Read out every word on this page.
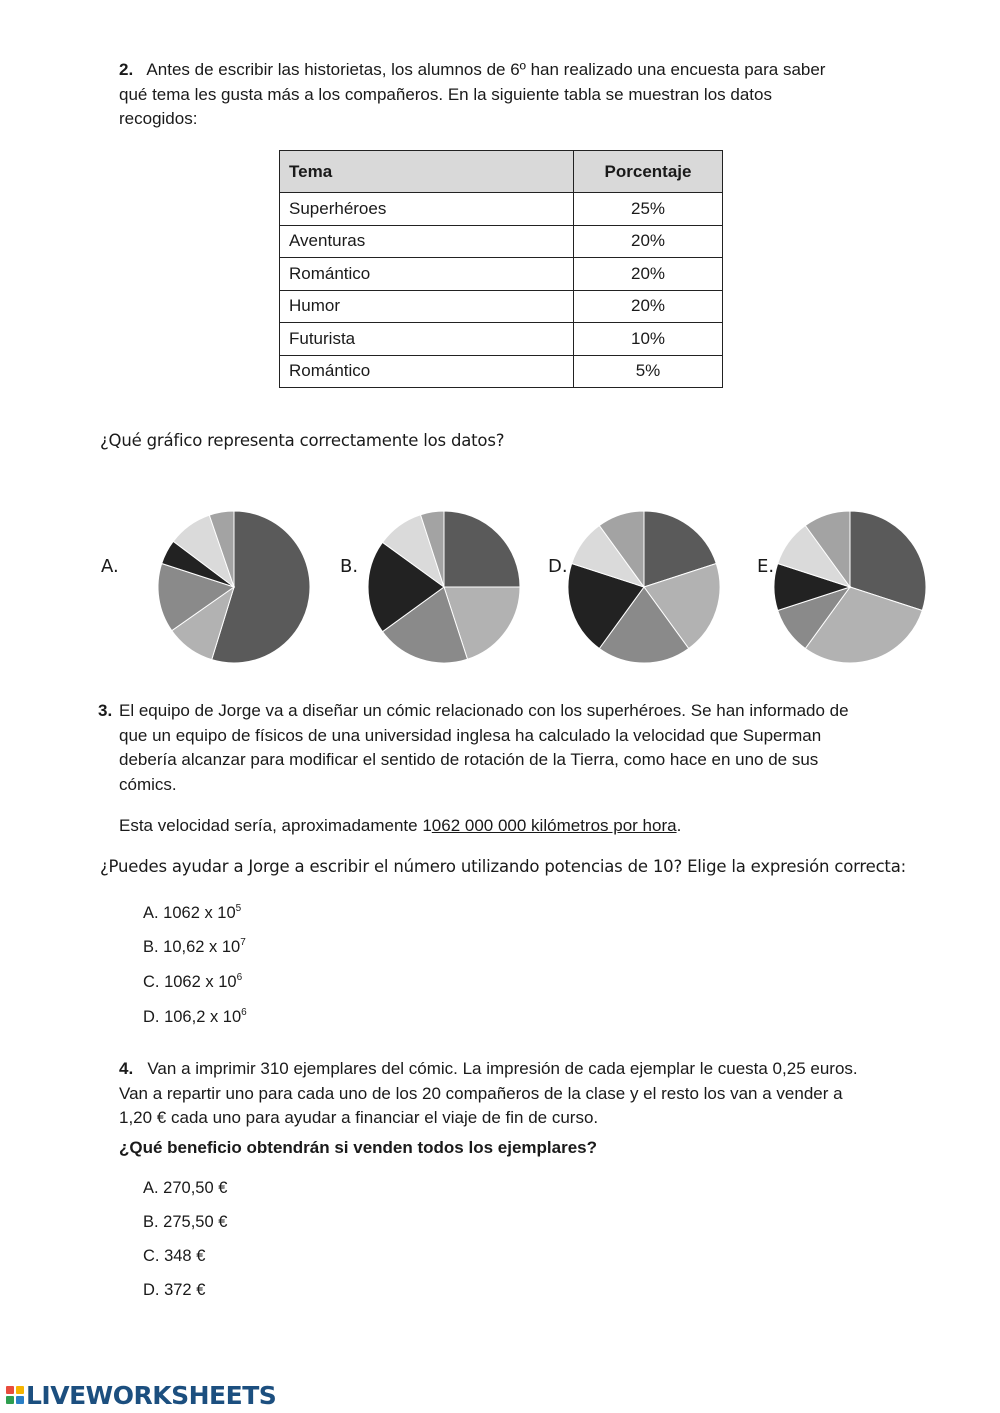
2. Antes de escribir las historietas, los alumnos de 6º han realizado una encuesta para saber qué tema les gusta más a los compañeros. En la siguiente tabla se muestran los datos recogidos:
Tema	Porcentaje
Superhéroes	25%
Aventuras	20%
Romántico	20%
Humor	20%
Futurista	10%
Romántico	5%
¿Qué gráfico representa correctamente los datos?
A.	B.	D.	E.
3. El equipo de Jorge va a diseñar un cómic relacionado con los superhéroes. Se han informado de que un equipo de físicos de una universidad inglesa ha calculado la velocidad que Superman debería alcanzar para modificar el sentido de rotación de la Tierra, como hace en uno de sus cómics.
Esta velocidad sería, aproximadamente 1062 000 000 kilómetros por hora.
¿Puedes ayudar a Jorge a escribir el número utilizando potencias de 10? Elige la expresión correcta:
A. 1062 x $10^5$
B. 10,62 x $10^7$
C. 1062 x $10^6$
D. 106,2 x $10^6$
4. Van a imprimir 310 ejemplares del cómic. La impresión de cada ejemplar le cuesta 0,25 euros. Van a repartir uno para cada uno de los 20 compañeros de la clase y el resto los van a vender a 1,20 € cada uno para ayudar a financiar el viaje de fin de curso.
¿Qué beneficio obtendrán si venden todos los ejemplares?
A. 270,50 €
B. 275,50 €
C. 348 €
D. 372 €
LIVEWORKSHEETS
